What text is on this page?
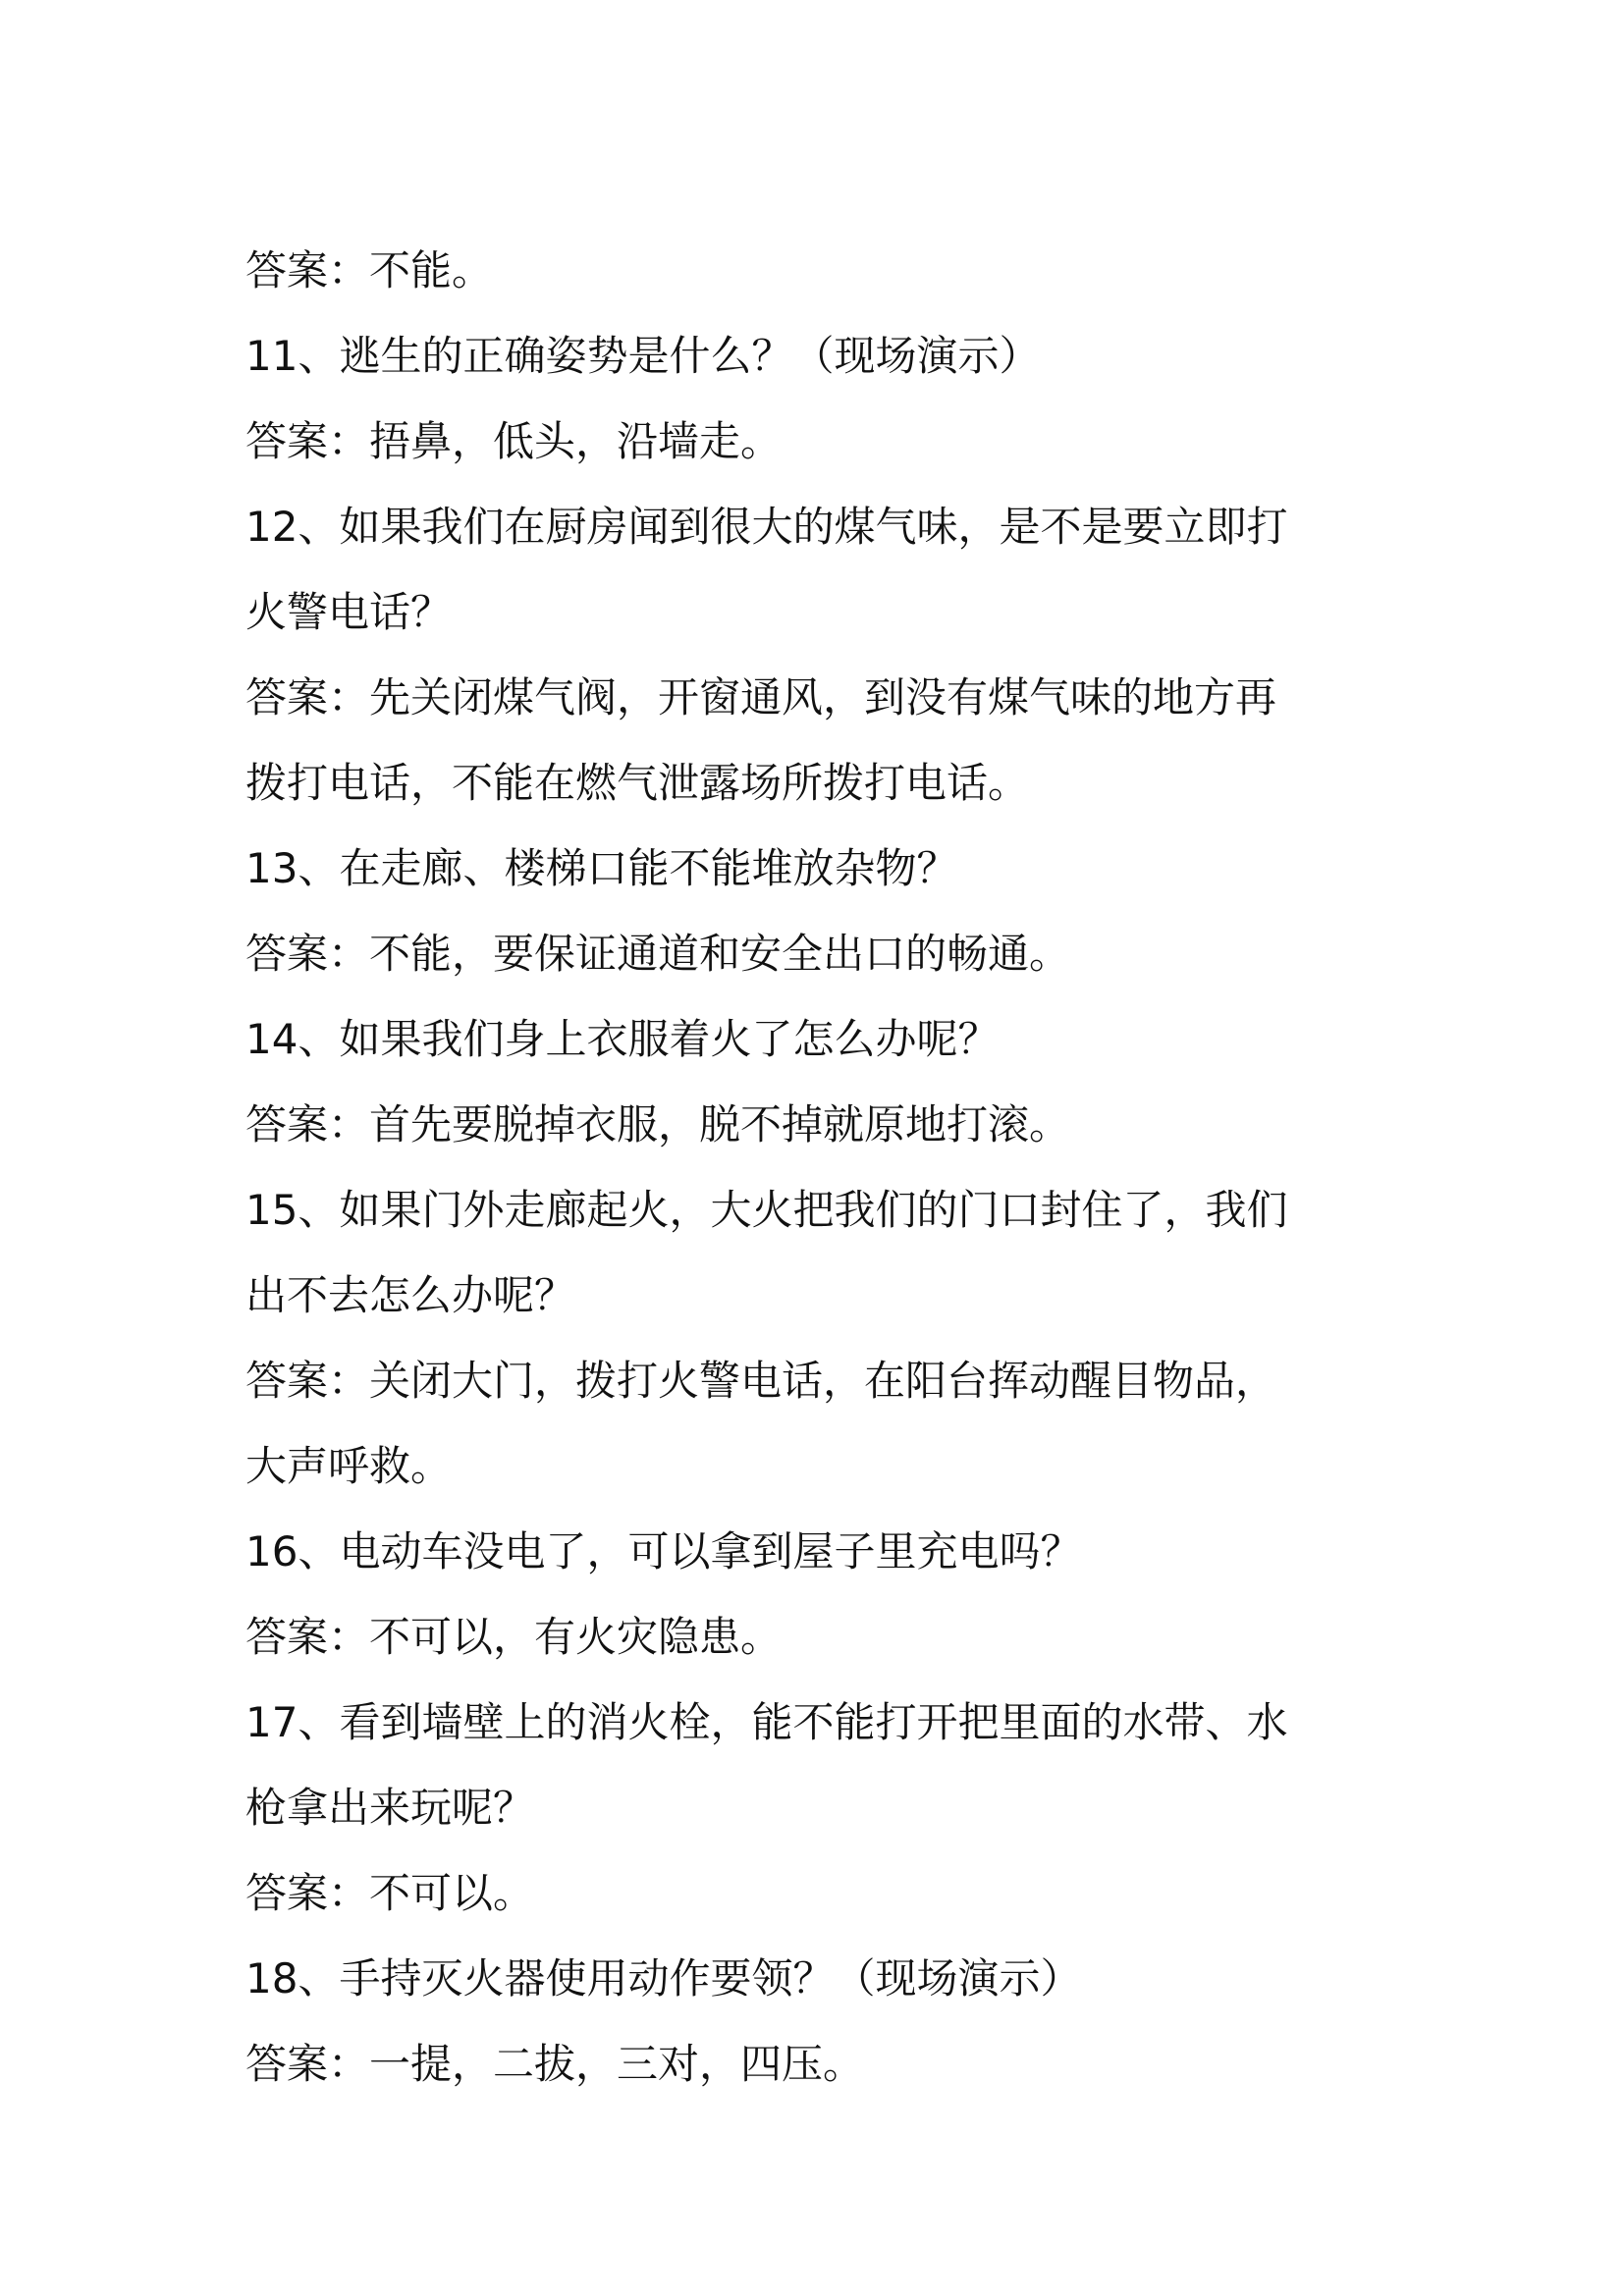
答案：不能。
11、逃生的正确姿势是什么？（现场演示）
答案：捂鼻，低头，沿墙走。
12、如果我们在厨房闻到很大的煤气味，是不是要立即打
火警电话？
答案：先关闭煤气阀，开窗通风，到没有煤气味的地方再
拨打电话，不能在燃气泄露场所拨打电话。
13、在走廊、楼梯口能不能堆放杂物？
答案：不能，要保证通道和安全出口的畅通。
14、如果我们身上衣服着火了怎么办呢？
答案：首先要脱掉衣服，脱不掉就原地打滚。
15、如果门外走廊起火，大火把我们的门口封住了，我们
出不去怎么办呢？
答案：关闭大门，拨打火警电话，在阳台挥动醒目物品，
大声呼救。
16、电动车没电了，可以拿到屋子里充电吗？
答案：不可以，有火灾隐患。
17、看到墙壁上的消火栓，能不能打开把里面的水带、水
枪拿出来玩呢？
答案：不可以。
18、手持灭火器使用动作要领？（现场演示）
答案：一提，二拔，三对，四压。
